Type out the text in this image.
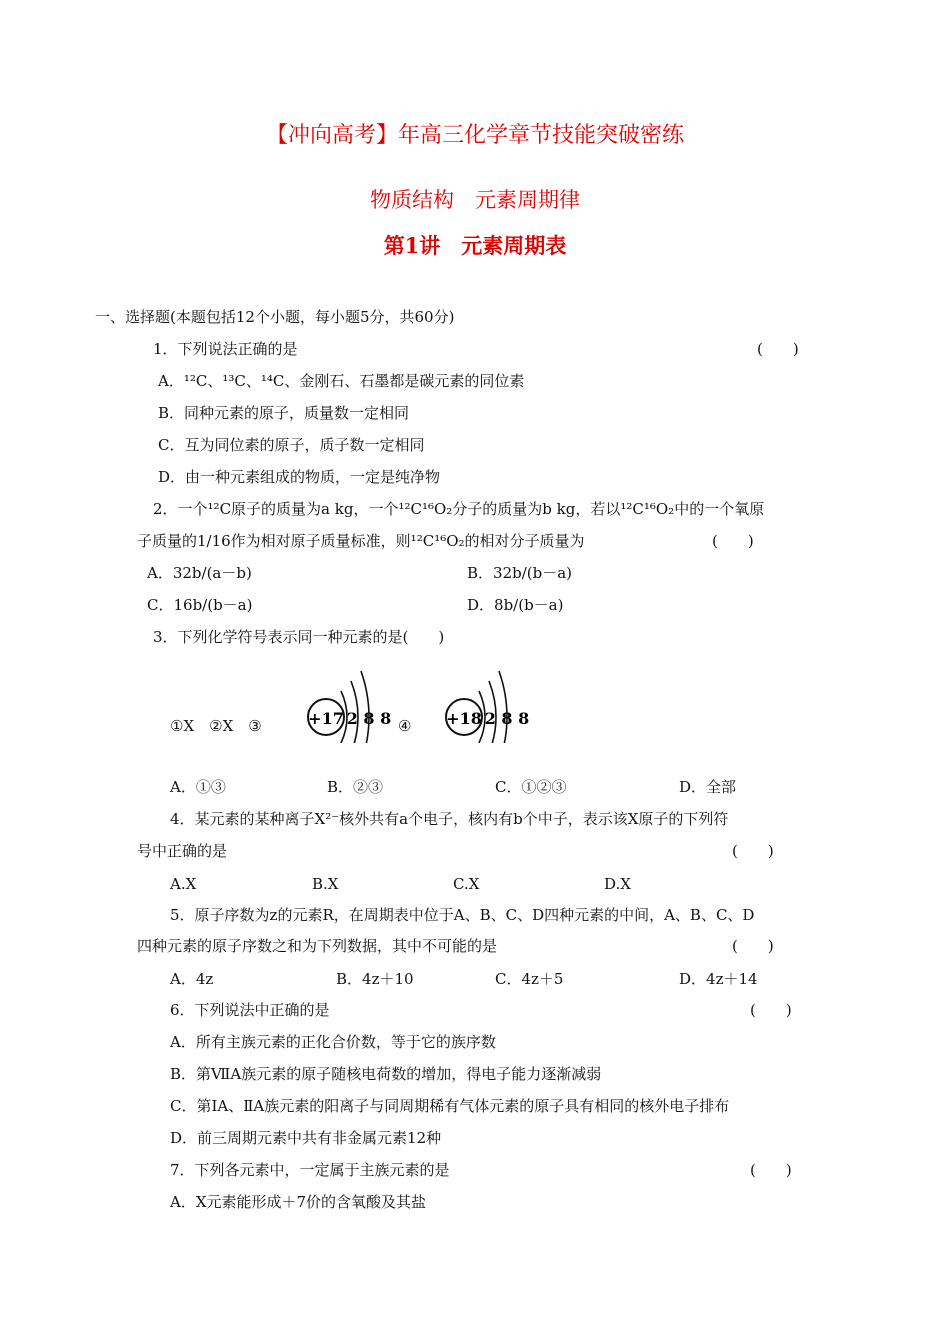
【冲向高考】年高三化学章节技能突破密练
物质结构　元素周期律
第1讲　元素周期表
一、选择题(本题包括12个小题，每小题5分，共60分)
1．下列说法正确的是	(　　)
A．¹²C、¹³C、¹⁴C、金刚石、石墨都是碳元素的同位素
B．同种元素的原子，质量数一定相同
C．互为同位素的原子，质子数一定相同
D．由一种元素组成的物质，一定是纯净物
2．一个¹²C原子的质量为a kg，一个¹²C¹⁶O₂分子的质量为b kg，若以¹²C¹⁶O₂中的一个氧原
子质量的1/16作为相对原子质量标准，则¹²C¹⁶O₂的相对分子质量为	(　　)
A．32b/(a－b)	B．32b/(b－a)
C．16b/(b－a)	D．8b/(b－a)
3．下列化学符号表示同一种元素的是(　　)
①X　②X　③	+17 2 8 8 ④ +18 2 8 8
A．①③	B．②③	C．①②③	D．全部
4．某元素的某种离子X²⁻核外共有a个电子，核内有b个中子，表示该X原子的下列符
号中正确的是	(　　)
A.X	B.X	C.X	D.X
5．原子序数为z的元素R，在周期表中位于A、B、C、D四种元素的中间，A、B、C、D
四种元素的原子序数之和为下列数据，其中不可能的是	(　　)
A．4z	B．4z＋10	C．4z＋5	D．4z＋14
6．下列说法中正确的是	(　　)
A．所有主族元素的正化合价数，等于它的族序数
B．第ⅦA族元素的原子随核电荷数的增加，得电子能力逐渐减弱
C．第ⅠA、ⅡA族元素的阳离子与同周期稀有气体元素的原子具有相同的核外电子排布
D．前三周期元素中共有非金属元素12种
7．下列各元素中，一定属于主族元素的是	(　　)
A．X元素能形成＋7价的含氧酸及其盐
